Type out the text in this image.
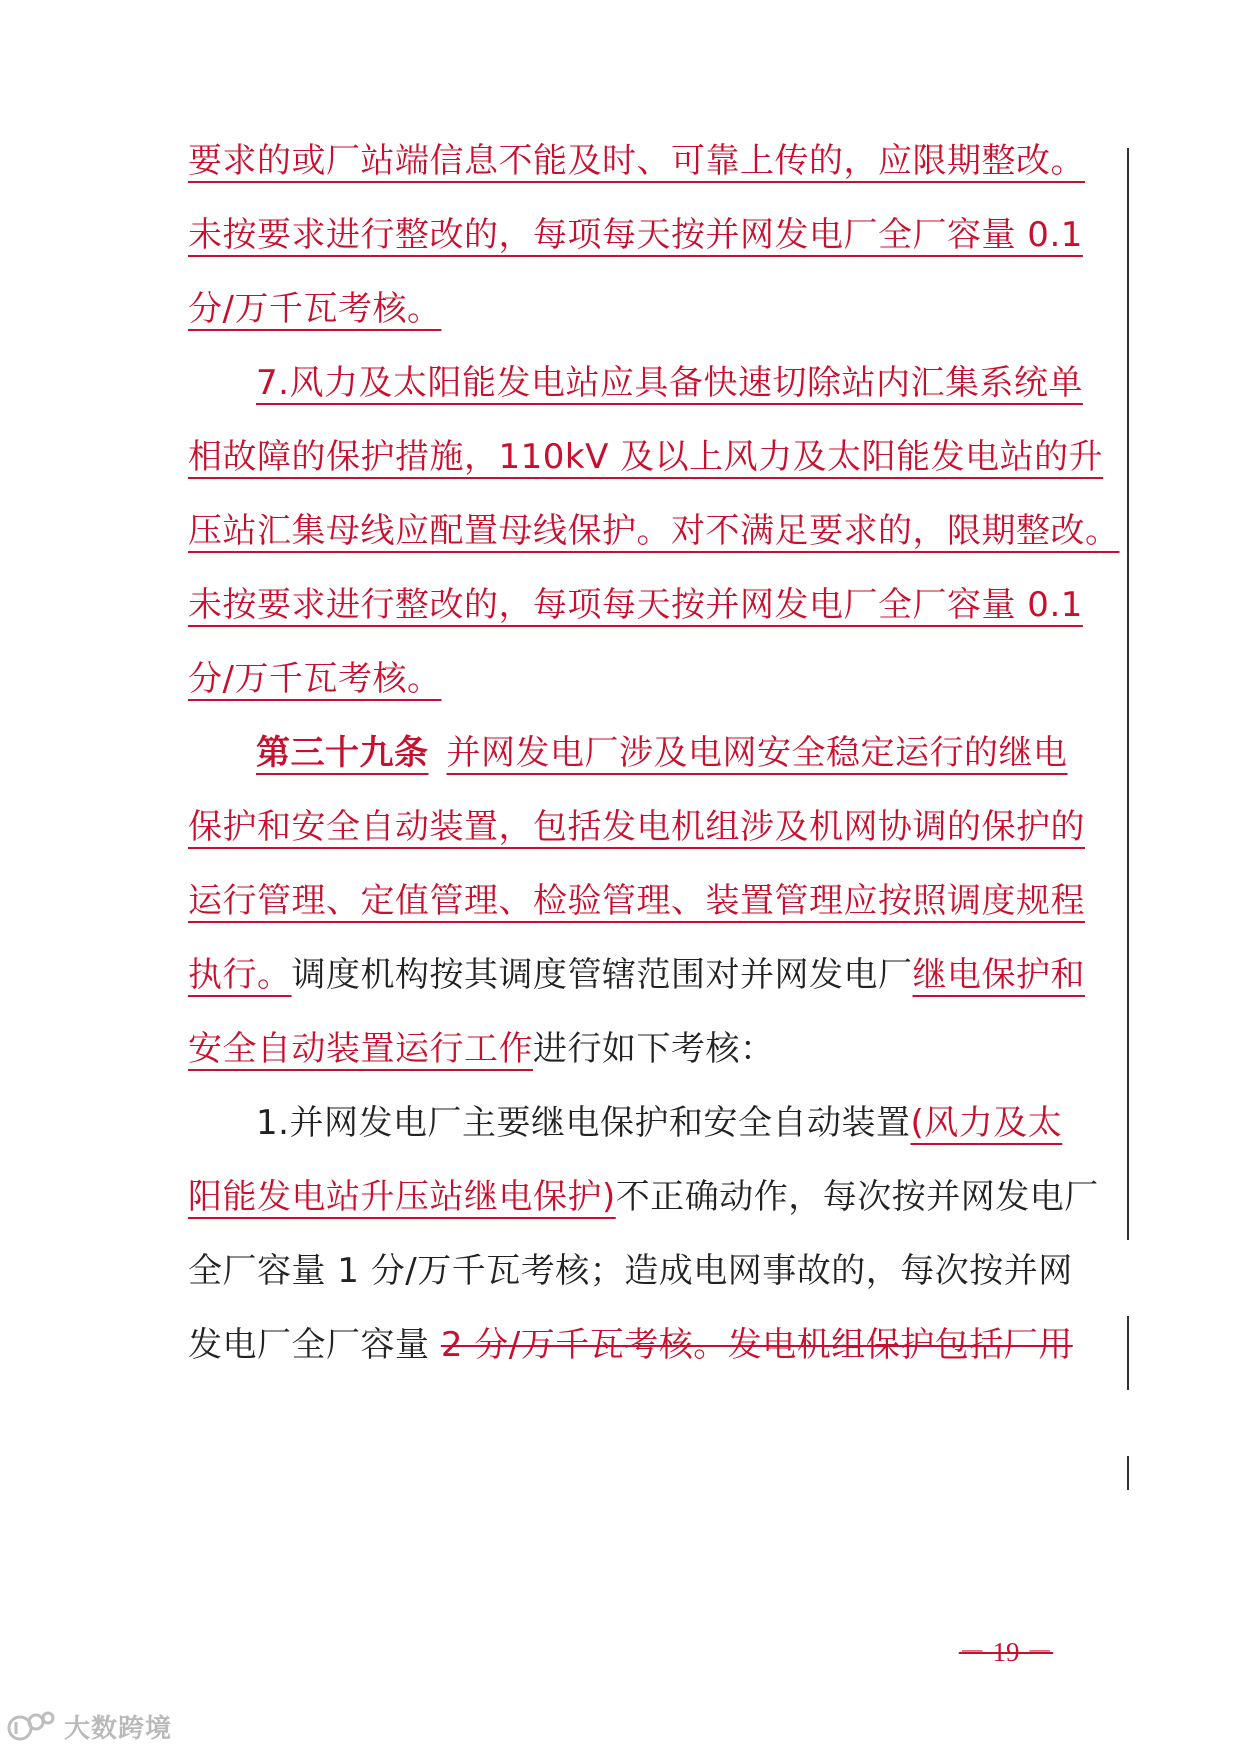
要求的或厂站端信息不能及时、可靠上传的，应限期整改。
未按要求进行整改的，每项每天按并网发电厂全厂容量 0.1
分/万千瓦考核。
7.风力及太阳能发电站应具备快速切除站内汇集系统单
相故障的保护措施，110kV 及以上风力及太阳能发电站的升
压站汇集母线应配置母线保护。对不满足要求的，限期整改。
未按要求进行整改的，每项每天按并网发电厂全厂容量 0.1
分/万千瓦考核。
第三十九条 并网发电厂涉及电网安全稳定运行的继电
保护和安全自动装置，包括发电机组涉及机网协调的保护的
运行管理、定值管理、检验管理、装置管理应按照调度规程
执行。调度机构按其调度管辖范围对并网发电厂继电保护和
安全自动装置运行工作进行如下考核：
1.并网发电厂主要继电保护和安全自动装置(风力及太
阳能发电站升压站继电保护)不正确动作，每次按并网发电厂
全厂容量 1 分/万千瓦考核；造成电网事故的，每次按并网
发电厂全厂容量 2 分/万千瓦考核。发电机组保护包括厂用
－ 19 －
大数跨境
